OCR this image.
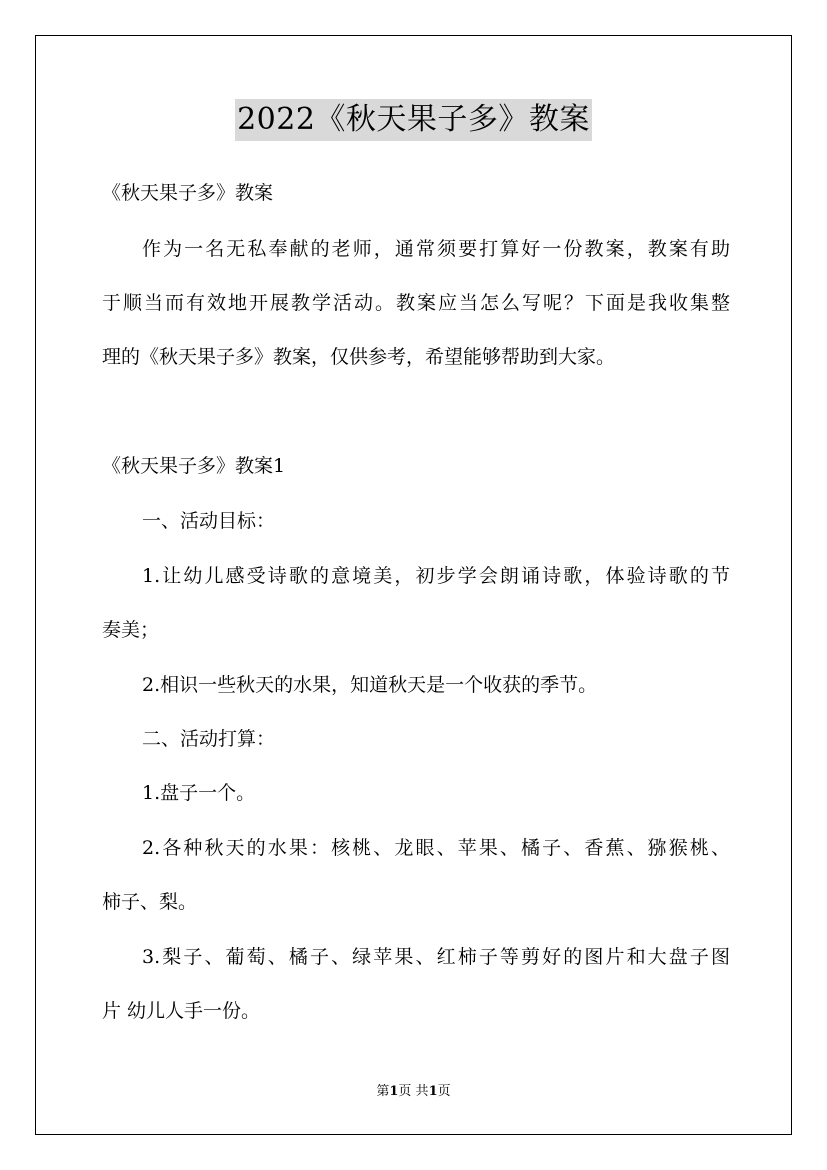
2022《秋天果子多》教案
《秋天果子多》教案
作为一名无私奉献的老师，通常须要打算好一份教案，教案有助
于顺当而有效地开展教学活动。教案应当怎么写呢？下面是我收集整
理的《秋天果子多》教案，仅供参考，希望能够帮助到大家。
《秋天果子多》教案1
一、活动目标：
1.让幼儿感受诗歌的意境美，初步学会朗诵诗歌，体验诗歌的节
奏美；
2.相识一些秋天的水果，知道秋天是一个收获的季节。
二、活动打算：
1.盘子一个。
2.各种秋天的水果：核桃、龙眼、苹果、橘子、香蕉、猕猴桃、
柿子、梨。
3.梨子、葡萄、橘子、绿苹果、红柿子等剪好的图片和大盘子图
片 幼儿人手一份。
第1页 共1页
